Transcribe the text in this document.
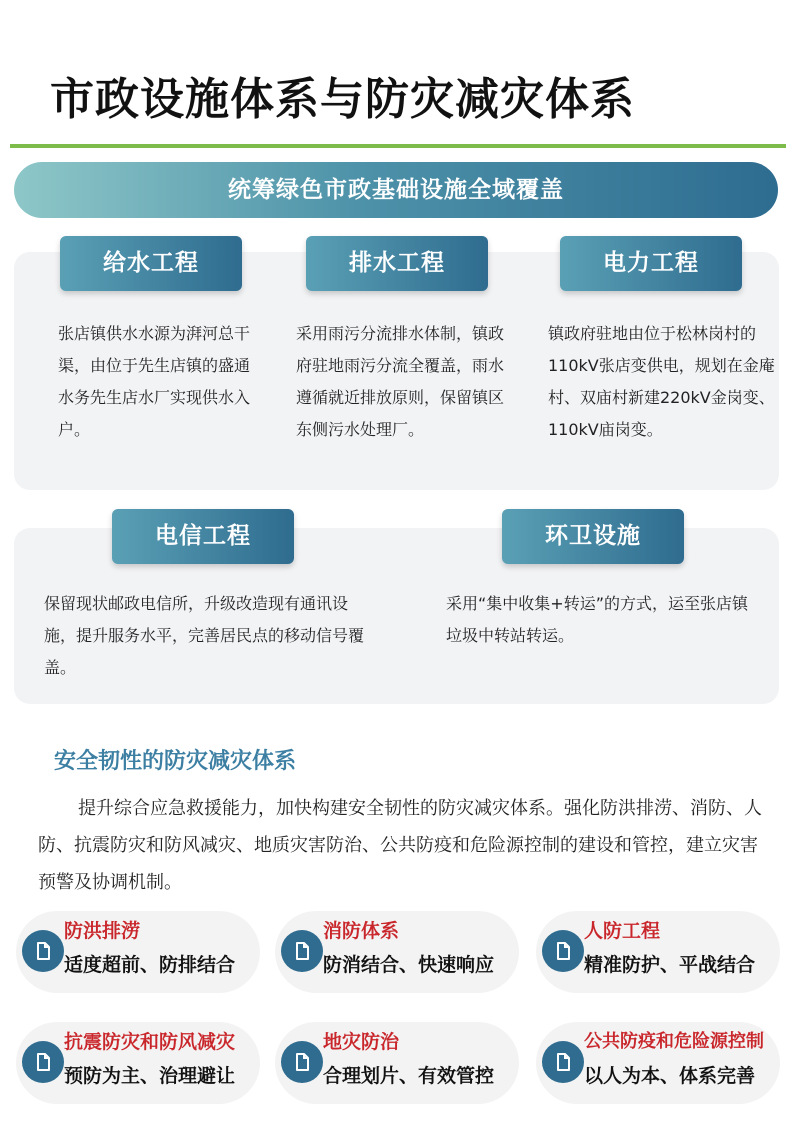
市政设施体系与防灾减灾体系
统筹绿色市政基础设施全域覆盖
给水工程	排水工程	电力工程
电信工程	环卫设施
张店镇供水水源为湃河总干渠，由位于先生店镇的盛通水务先生店水厂实现供水入户。
采用雨污分流排水体制，镇政府驻地雨污分流全覆盖，雨水遵循就近排放原则，保留镇区东侧污水处理厂。
镇政府驻地由位于松林岗村的110kV张店变供电，规划在金庵村、双庙村新建220kV金岗变、110kV庙岗变。
保留现状邮政电信所，升级改造现有通讯设施，提升服务水平，完善居民点的移动信号覆盖。
采用“集中收集+转运”的方式，运至张店镇垃圾中转站转运。
安全韧性的防灾减灾体系
提升综合应急救援能力，加快构建安全韧性的防灾减灾体系。强化防洪排涝、消防、人防、抗震防灾和防风减灾、地质灾害防治、公共防疫和危险源控制的建设和管控，建立灾害预警及协调机制。
防洪排涝
适度超前、防排结合
消防体系
防消结合、快速响应
人防工程
精准防护、平战结合
抗震防灾和防风减灾
预防为主、治理避让
地灾防治
合理划片、有效管控
公共防疫和危险源控制
以人为本、体系完善
